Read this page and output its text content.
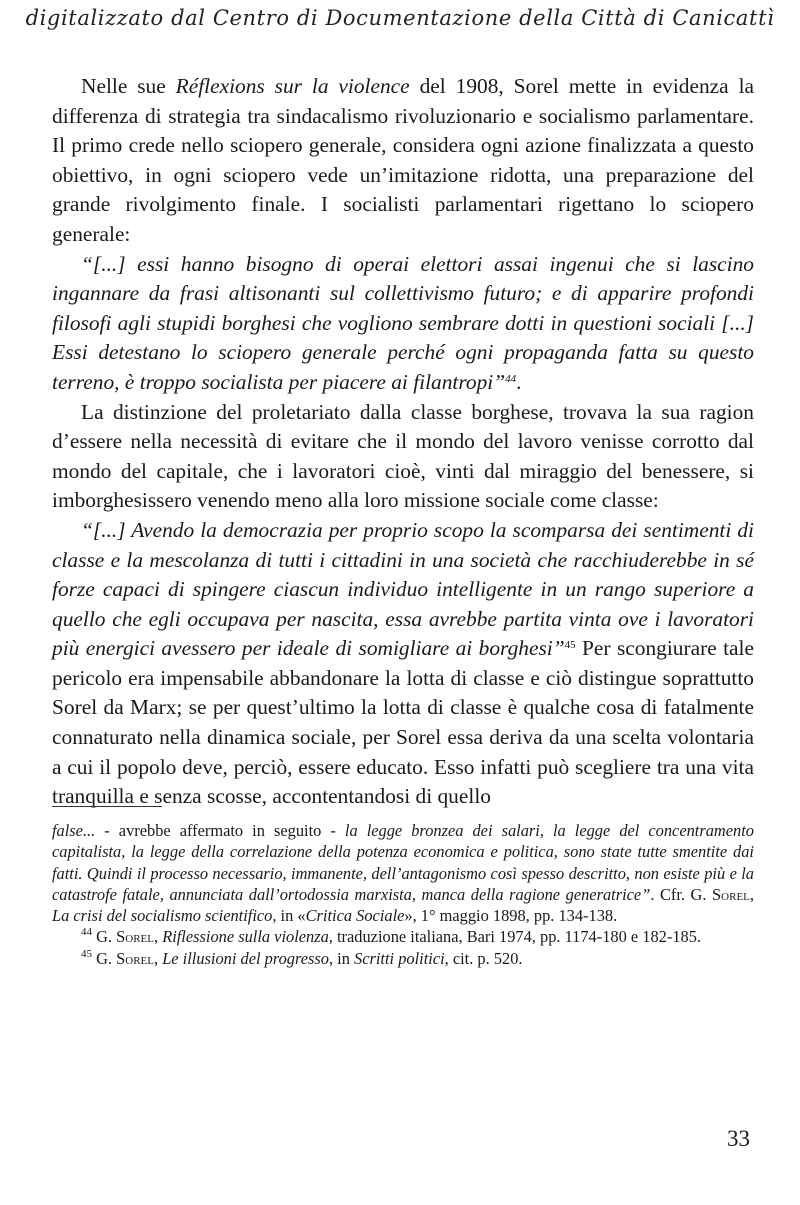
digitalizzato dal Centro di Documentazione della Città di Canicattì

Nelle sue Réflexions sur la violence del 1908, Sorel mette in evidenza la differenza di strategia tra sindacalismo rivoluzionario e socialismo parlamentare. Il primo crede nello sciopero generale, considera ogni azione finalizzata a questo obiettivo, in ogni sciopero vede un’imitazione ridotta, una preparazione del grande rivolgimento finale. I socialisti parlamentari rigettano lo sciopero generale:

“[...] essi hanno bisogno di operai elettori assai ingenui che si lascino ingannare da frasi altisonanti sul collettivismo futuro; e di apparire profondi filosofi agli stupidi borghesi che vogliono sembrare dotti in questioni sociali [...] Essi detestano lo sciopero generale perché ogni propaganda fatta su questo terreno, è troppo socialista per piacere ai filantropi”$^{44}$.

La distinzione del proletariato dalla classe borghese, trovava la sua ragion d’essere nella necessità di evitare che il mondo del lavoro venisse corrotto dal mondo del capitale, che i lavoratori cioè, vinti dal miraggio del benessere, si imborghesissero venendo meno alla loro missione sociale come classe:

“[...] Avendo la democrazia per proprio scopo la scomparsa dei sentimenti di classe e la mescolanza di tutti i cittadini in una società che racchiuderebbe in sé forze capaci di spingere ciascun individuo intelligente in un rango superiore a quello che egli occupava per nascita, essa avrebbe partita vinta ove i lavoratori più energici avessero per ideale di somigliare ai borghesi”$^{45}$ Per scongiurare tale pericolo era impensabile abbandonare la lotta di classe e ciò distingue soprattutto Sorel da Marx; se per quest’ultimo la lotta di classe è qualche cosa di fatalmente connaturato nella dinamica sociale, per Sorel essa deriva da una scelta volontaria a cui il popolo deve, perciò, essere educato. Esso infatti può scegliere tra una vita tranquilla e senza scosse, accontentandosi di quello

false... - avrebbe affermato in seguito - la legge bronzea dei salari, la legge del concentramento capitalista, la legge della correlazione della potenza economica e politica, sono state tutte smentite dai fatti. Quindi il processo necessario, immanente, dell’antagonismo così spesso descritto, non esiste più e la catastrofe fatale, annunciata dall’ortodossia marxista, manca della ragione generatrice”. Cfr. G. Sorel, La crisi del socialismo scientifico, in «Critica Sociale», 1° maggio 1898, pp. 134-138.

$^{44}$ G. Sorel, Riflessione sulla violenza, traduzione italiana, Bari 1974, pp. 1174-180 e 182-185.

$^{45}$ G. Sorel, Le illusioni del progresso, in Scritti politici, cit. p. 520.

33
